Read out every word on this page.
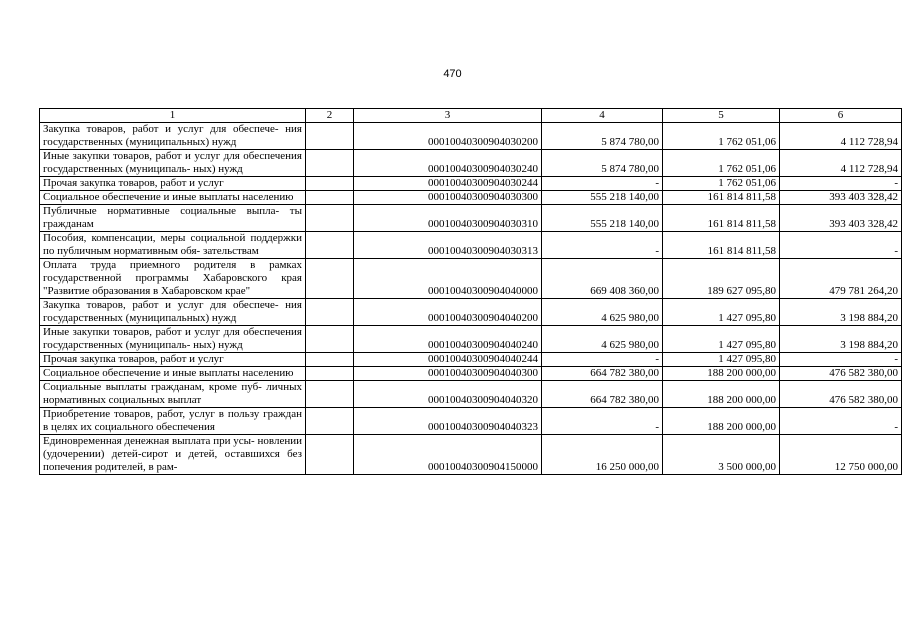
470
1	2	3	4	5	6
Закупка товаров, работ и услуг для обеспече- ния государственных (муниципальных) нужд		00010040300904030200	5 874 780,00	1 762 051,06	4 112 728,94
Иные закупки товаров, работ и услуг для обеспечения государственных (муниципаль- ных) нужд		00010040300904030240	5 874 780,00	1 762 051,06	4 112 728,94
Прочая закупка товаров, работ и услуг		00010040300904030244	-	1 762 051,06	-
Социальное обеспечение и иные выплаты населению		00010040300904030300	555 218 140,00	161 814 811,58	393 403 328,42
Публичные нормативные социальные выпла- ты гражданам		00010040300904030310	555 218 140,00	161 814 811,58	393 403 328,42
Пособия, компенсации, меры социальной поддержки по публичным нормативным обя- зательствам		00010040300904030313	-	161 814 811,58	-
Оплата труда приемного родителя в рамках государственной программы Хабаровского края "Развитие образования в Хабаровском крае"		00010040300904040000	669 408 360,00	189 627 095,80	479 781 264,20
Закупка товаров, работ и услуг для обеспече- ния государственных (муниципальных) нужд		00010040300904040200	4 625 980,00	1 427 095,80	3 198 884,20
Иные закупки товаров, работ и услуг для обеспечения государственных (муниципаль- ных) нужд		00010040300904040240	4 625 980,00	1 427 095,80	3 198 884,20
Прочая закупка товаров, работ и услуг		00010040300904040244	-	1 427 095,80	-
Социальное обеспечение и иные выплаты населению		00010040300904040300	664 782 380,00	188 200 000,00	476 582 380,00
Социальные выплаты гражданам, кроме пуб- личных нормативных социальных выплат		00010040300904040320	664 782 380,00	188 200 000,00	476 582 380,00
Приобретение товаров, работ, услуг в пользу граждан в целях их социального обеспечения		00010040300904040323	-	188 200 000,00	-
Единовременная денежная выплата при усы- новлении (удочерении) детей-сирот и детей, оставшихся без попечения родителей, в рам-		00010040300904150000	16 250 000,00	3 500 000,00	12 750 000,00
